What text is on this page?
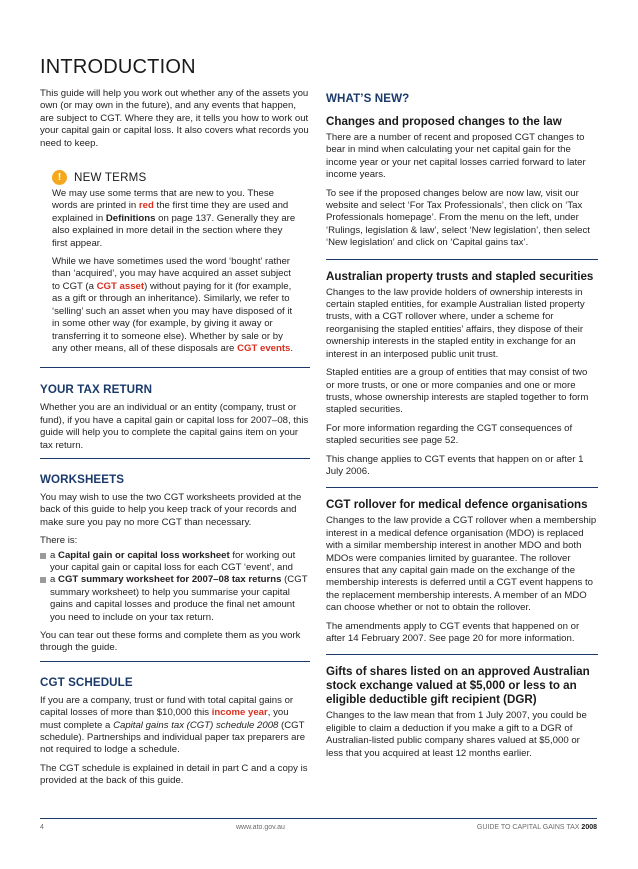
INTRODUCTION

This guide will help you work out whether any of the assets you own (or may own in the future), and any events that happen, are subject to CGT. Where they are, it tells you how to work out your capital gain or capital loss. It also covers what records you need to keep.

!	NEW TERMS

We may use some terms that are new to you. These words are printed in red the first time they are used and explained in Definitions on page 137. Generally they are also explained in more detail in the section where they first appear.

While we have sometimes used the word ‘bought’ rather than ‘acquired’, you may have acquired an asset subject to CGT (a CGT asset) without paying for it (for example, as a gift or through an inheritance). Similarly, we refer to ‘selling’ such an asset when you may have disposed of it in some other way (for example, by giving it away or transferring it to someone else). Whether by sale or by any other means, all of these disposals are CGT events.

YOUR TAX RETURN

Whether you are an individual or an entity (company, trust or fund), if you have a capital gain or capital loss for 2007–08, this guide will help you to complete the capital gains item on your tax return.

WORKSHEETS

You may wish to use the two CGT worksheets provided at the back of this guide to help you keep track of your records and make sure you pay no more CGT than necessary.

There is:

a Capital gain or capital loss worksheet for working out your capital gain or capital loss for each CGT ‘event’, and
a CGT summary worksheet for 2007–08 tax returns (CGT summary worksheet) to help you summarise your capital gains and capital losses and produce the final net amount you need to include on your tax return.

You can tear out these forms and complete them as you work through the guide.

CGT SCHEDULE

If you are a company, trust or fund with total capital gains or capital losses of more than $10,000 this income year, you must complete a Capital gains tax (CGT) schedule 2008 (CGT schedule). Partnerships and individual paper tax preparers are not required to lodge a schedule.

The CGT schedule is explained in detail in part C and a copy is provided at the back of this guide.

WHAT’S NEW?
Changes and proposed changes to the law

There are a number of recent and proposed CGT changes to bear in mind when calculating your net capital gain for the income year or your net capital losses carried forward to later income years.

To see if the proposed changes below are now law, visit our website and select ‘For Tax Professionals’, then click on ‘Tax Professionals homepage’. From the menu on the left, under ‘Rulings, legislation & law’, select ‘New legislation’, then select ‘New legislation’ and click on ‘Capital gains tax’.

Australian property trusts and stapled securities

Changes to the law provide holders of ownership interests in certain stapled entities, for example Australian listed property trusts, with a CGT rollover where, under a scheme for reorganising the stapled entities’ affairs, they dispose of their ownership interests in the stapled entity in exchange for an interest in an interposed public unit trust.

Stapled entities are a group of entities that may consist of two or more trusts, or one or more companies and one or more trusts, whose ownership interests are stapled together to form stapled securities.

For more information regarding the CGT consequences of stapled securities see page 52.

This change applies to CGT events that happen on or after 1 July 2006.

CGT rollover for medical defence organisations

Changes to the law provide a CGT rollover when a membership interest in a medical defence organisation (MDO) is replaced with a similar membership interest in another MDO and both MDOs were companies limited by guarantee. The rollover ensures that any capital gain made on the exchange of the membership interests is deferred until a CGT event happens to the replacement membership interests. A member of an MDO can choose whether or not to obtain the rollover.

The amendments apply to CGT events that happened on or after 14 February 2007. See page 20 for more information.

Gifts of shares listed on an approved Australian stock exchange valued at $5,000 or less to an eligible deductible gift recipient (DGR)

Changes to the law mean that from 1 July 2007, you could be eligible to claim a deduction if you make a gift to a DGR of Australian-listed public company shares valued at $5,000 or less that you acquired at least 12 months earlier.

4	www.ato.gov.au	GUIDE TO CAPITAL GAINS TAX 2008
